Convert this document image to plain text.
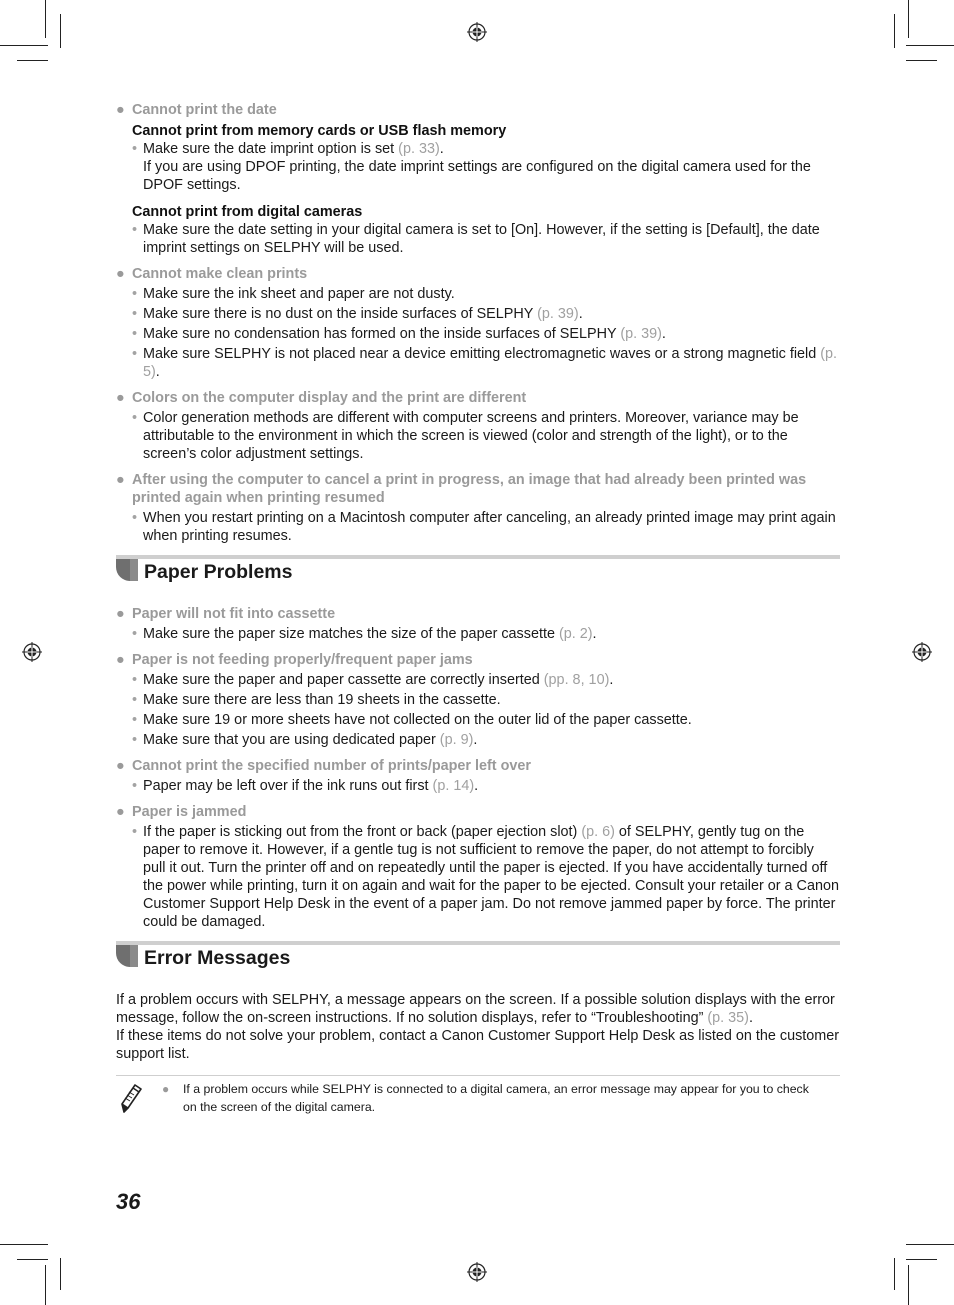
● Cannot print the date
Cannot print from memory cards or USB flash memory
• Make sure the date imprint option is set (p. 33).
If you are using DPOF printing, the date imprint settings are configured on the digital camera used for the DPOF settings.
Cannot print from digital cameras
• Make sure the date setting in your digital camera is set to [On]. However, if the setting is [Default], the date imprint settings on SELPHY will be used.
● Cannot make clean prints
• Make sure the ink sheet and paper are not dusty.
• Make sure there is no dust on the inside surfaces of SELPHY (p. 39).
• Make sure no condensation has formed on the inside surfaces of SELPHY (p. 39).
• Make sure SELPHY is not placed near a device emitting electromagnetic waves or a strong magnetic field (p. 5).
● Colors on the computer display and the print are different
• Color generation methods are different with computer screens and printers. Moreover, variance may be attributable to the environment in which the screen is viewed (color and strength of the light), or to the screen’s color adjustment settings.
● After using the computer to cancel a print in progress, an image that had already been printed was printed again when printing resumed
• When you restart printing on a Macintosh computer after canceling, an already printed image may print again when printing resumes.
Paper Problems
● Paper will not fit into cassette
• Make sure the paper size matches the size of the paper cassette (p. 2).
● Paper is not feeding properly/frequent paper jams
• Make sure the paper and paper cassette are correctly inserted (pp. 8, 10).
• Make sure there are less than 19 sheets in the cassette.
• Make sure 19 or more sheets have not collected on the outer lid of the paper cassette.
• Make sure that you are using dedicated paper (p. 9).
● Cannot print the specified number of prints/paper left over
• Paper may be left over if the ink runs out first (p. 14).
● Paper is jammed
• If the paper is sticking out from the front or back (paper ejection slot) (p. 6) of SELPHY, gently tug on the paper to remove it. However, if a gentle tug is not sufficient to remove the paper, do not attempt to forcibly pull it out. Turn the printer off and on repeatedly until the paper is ejected. If you have accidentally turned off the power while printing, turn it on again and wait for the paper to be ejected. Consult your retailer or a Canon Customer Support Help Desk in the event of a paper jam. Do not remove jammed paper by force. The printer could be damaged.
Error Messages

If a problem occurs with SELPHY, a message appears on the screen. If a possible solution displays with the error message, follow the on-screen instructions. If no solution displays, refer to “Troubleshooting” (p. 35).

If these items do not solve your problem, contact a Canon Customer Support Help Desk as listed on the customer support list.

● If a problem occurs while SELPHY is connected to a digital camera, an error message may appear for you to check on the screen of the digital camera.
36
